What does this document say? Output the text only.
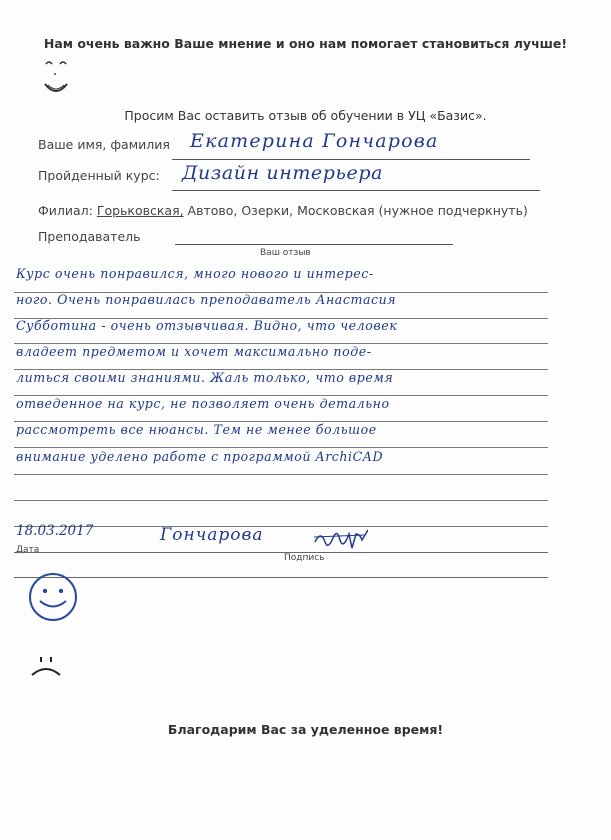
Нам очень важно Ваше мнение и оно нам помогает становиться лучше!
Просим Вас оставить отзыв об обучении в УЦ «Базис».
Ваше имя, фамилия Екатерина Гончарова
Пройденный курс: Дизайн интерьера
Филиал: Горьковская, Автово, Озерки, Московская (нужное подчеркнуть)
Преподаватель
Ваш отзыв
Курс очень понравился, много нового и интерес-
ного. Очень понравилась преподаватель Анастасия
Субботина - очень отзывчивая. Видно, что человек
владеет предметом и хочет максимально поде-
литься своими знаниями. Жаль только, что время
отведенное на курс, не позволяет очень детально
рассмотреть все нюансы. Тем не менее большое
внимание уделено работе с программой ArchiCAD
18.03.2017
Дата
Гончарова
Подпись
Благодарим Вас за уделенное время!
